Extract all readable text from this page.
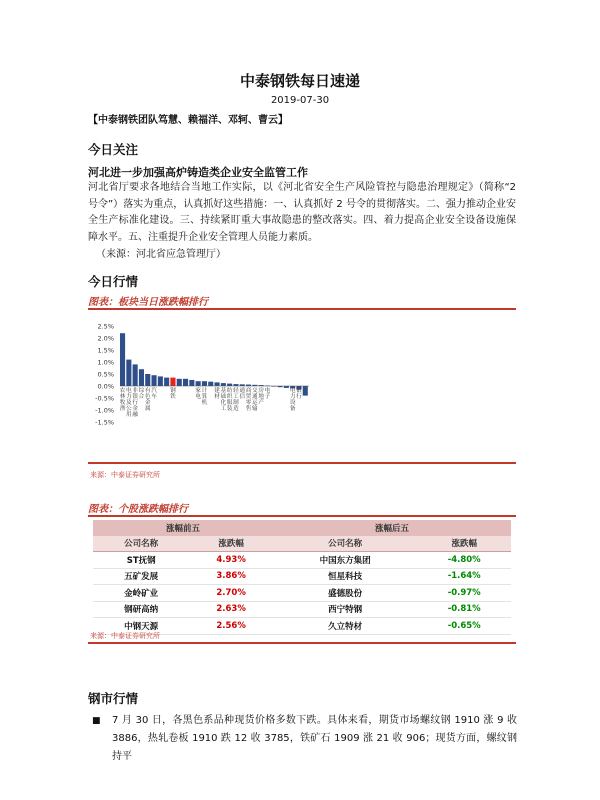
中泰钢铁每日速递
2019-07-30
【中泰钢铁团队笃慧、赖福洋、邓轲、曹云】
今日关注
河北进一步加强高炉铸造类企业安全监管工作
河北省厅要求各地结合当地工作实际，以《河北省安全生产风险管控与隐患治理规定》（简称“2 号令”）落实为重点，认真抓好这些措施：一、认真抓好 2 号令的贯彻落实。二、强力推动企业安全生产标准化建设。三、持续紧盯重大事故隐患的整改落实。四、着力提高企业安全设备设施保障水平。五、注重提升企业安全管理人员能力素质。
（来源：河北省应急管理厅）
今日行情
图表：板块当日涨跌幅排行
2.5%
2.0%
1.5%
1.0%
0.5%
0.0%
-0.5%
-1.0%
-1.5%
农林牧渔
电力及公用
非银行金融
综合
有色金属
汽车
钢铁
家电
计算机
建材
基础化工
纺织服装
轻工制造
通信
商贸零售
交通运输
房地产
电子
电力设备
银行
来源：中泰证券研究所
图表：个股涨跌幅排行
涨幅前五		涨幅后五	
公司名称	涨跌幅	公司名称	涨跌幅
ST抚钢	4.93%	中国东方集团	-4.80%
五矿发展	3.86%	恒星科技	-1.64%
金岭矿业	2.70%	盛德股份	-0.97%
钢研高纳	2.63%	西宁特钢	-0.81%
中钢天源	2.56%	久立特材	-0.65%
来源：中泰证券研究所
钢市行情
■ 7 月 30 日，各黑色系品种现货价格多数下跌。具体来看，期货市场螺纹钢 1910 涨 9 收 3886，热轧卷板 1910 跌 12 收 3785，铁矿石 1909 涨 21 收 906；现货方面，螺纹钢持平
